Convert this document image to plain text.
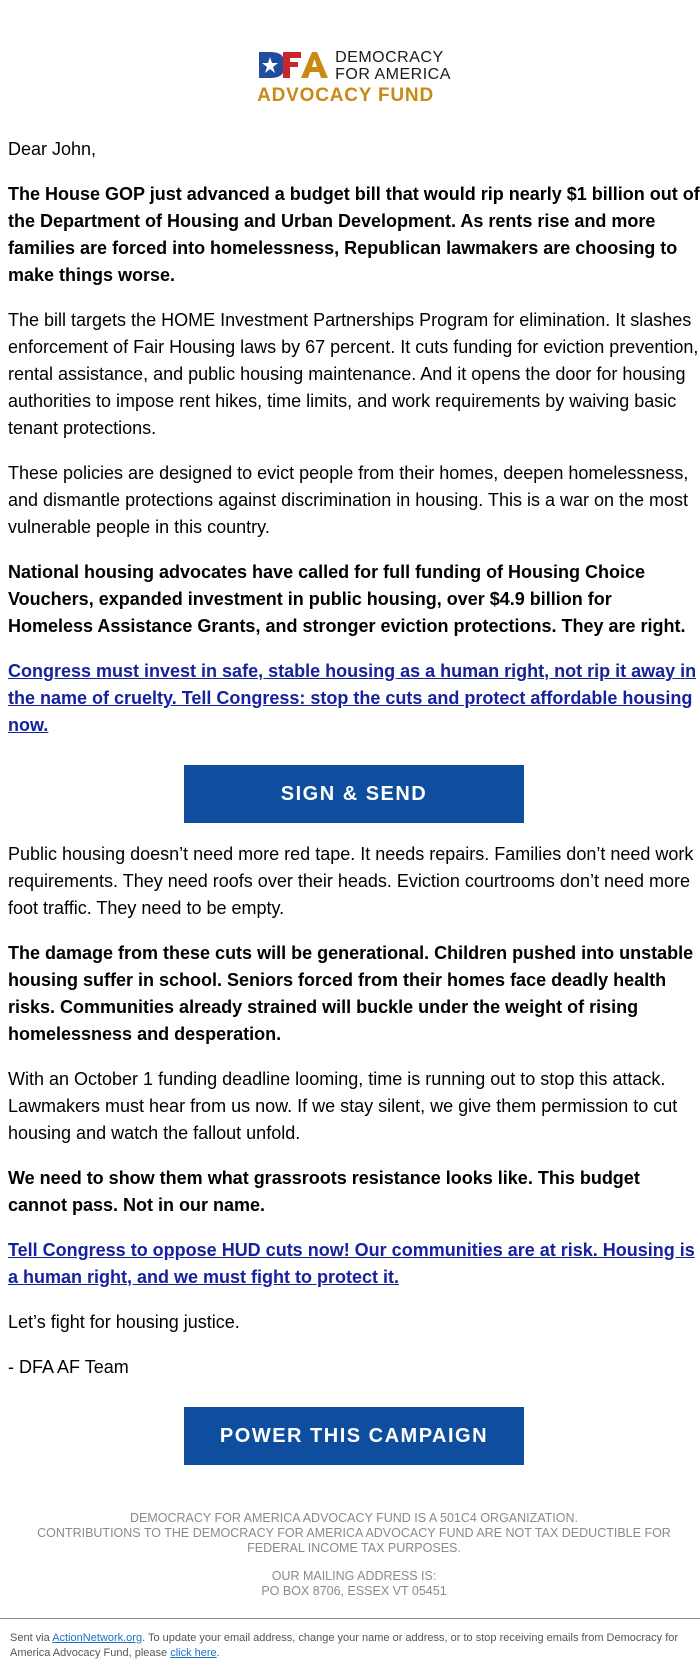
DEMOCRACY
FOR AMERICA
ADVOCACY FUND
Dear John,

The House GOP just advanced a budget bill that would rip nearly $1 billion out of the Department of Housing and Urban Development. As rents rise and more families are forced into homelessness, Republican lawmakers are choosing to make things worse.

The bill targets the HOME Investment Partnerships Program for elimination. It slashes enforcement of Fair Housing laws by 67 percent. It cuts funding for eviction prevention, rental assistance, and public housing maintenance. And it opens the door for housing authorities to impose rent hikes, time limits, and work requirements by waiving basic tenant protections.

These policies are designed to evict people from their homes, deepen homelessness, and dismantle protections against discrimination in housing. This is a war on the most vulnerable people in this country.

National housing advocates have called for full funding of Housing Choice Vouchers, expanded investment in public housing, over $4.9 billion for Homeless Assistance Grants, and stronger eviction protections. They are right.

Congress must invest in safe, stable housing as a human right, not rip it away in the name of cruelty. Tell Congress: stop the cuts and protect affordable housing now.

SIGN & SEND

Public housing doesn’t need more red tape. It needs repairs. Families don’t need work requirements. They need roofs over their heads. Eviction courtrooms don’t need more foot traffic. They need to be empty.

The damage from these cuts will be generational. Children pushed into unstable housing suffer in school. Seniors forced from their homes face deadly health risks. Communities already strained will buckle under the weight of rising homelessness and desperation.

With an October 1 funding deadline looming, time is running out to stop this attack. Lawmakers must hear from us now. If we stay silent, we give them permission to cut housing and watch the fallout unfold.

We need to show them what grassroots resistance looks like. This budget cannot pass. Not in our name.

Tell Congress to oppose HUD cuts now! Our communities are at risk. Housing is a human right, and we must fight to protect it.

Let’s fight for housing justice.

- DFA AF Team

POWER THIS CAMPAIGN
DEMOCRACY FOR AMERICA ADVOCACY FUND IS A 501C4 ORGANIZATION.
CONTRIBUTIONS TO THE DEMOCRACY FOR AMERICA ADVOCACY FUND ARE NOT TAX DEDUCTIBLE FOR FEDERAL INCOME TAX PURPOSES.
OUR MAILING ADDRESS IS:
PO BOX 8706, ESSEX VT 05451
Sent via ActionNetwork.org. To update your email address, change your name or address, or to stop receiving emails from Democracy for America Advocacy Fund, please click here.
